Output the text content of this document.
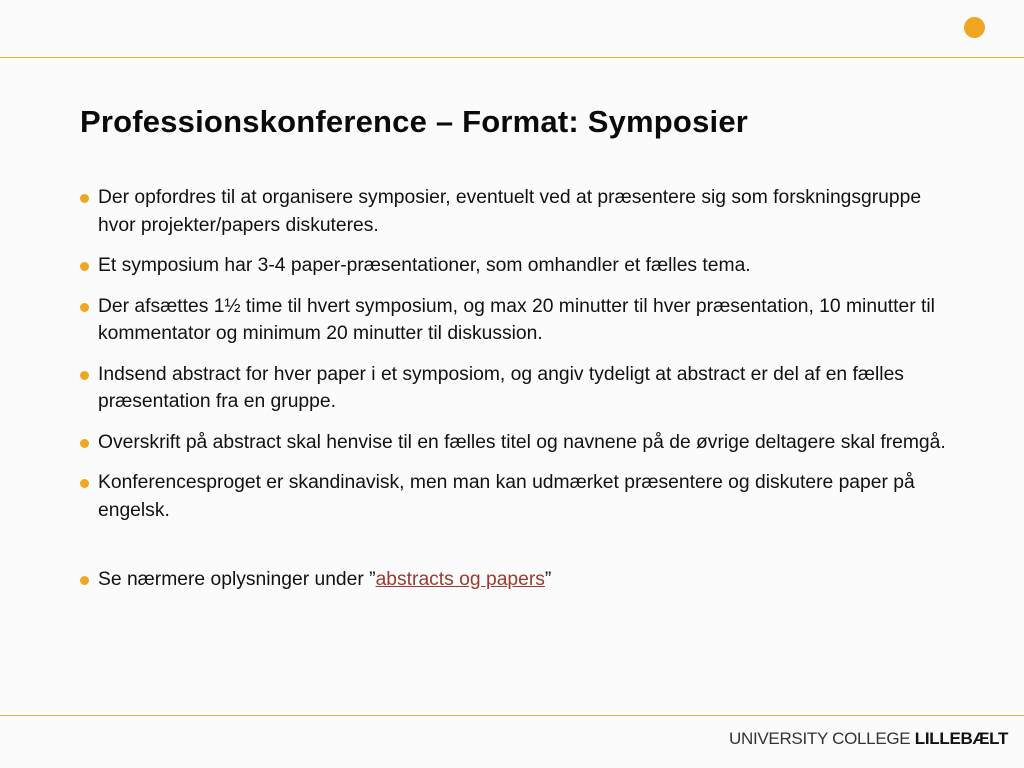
Professionskonference – Format: Symposier
Der opfordres til at organisere symposier, eventuelt ved at præsentere sig som forskningsgruppe hvor projekter/papers diskuteres.
Et symposium har 3-4 paper-præsentationer, som omhandler et fælles tema.
Der afsættes 1½ time til hvert symposium, og max 20 minutter til hver præsentation, 10 minutter til kommentator og minimum 20 minutter til diskussion.
Indsend abstract for hver paper i et symposiom, og angiv tydeligt at abstract er del af en fælles præsentation fra en gruppe.
Overskrift på abstract skal henvise til en fælles titel og navnene på de øvrige deltagere skal fremgå.
Konferencesproget er skandinavisk, men man kan udmærket præsentere og diskutere paper på engelsk.
Se nærmere oplysninger under ”abstracts og papers”
UNIVERSITY COLLEGE LILLEBÆLT
